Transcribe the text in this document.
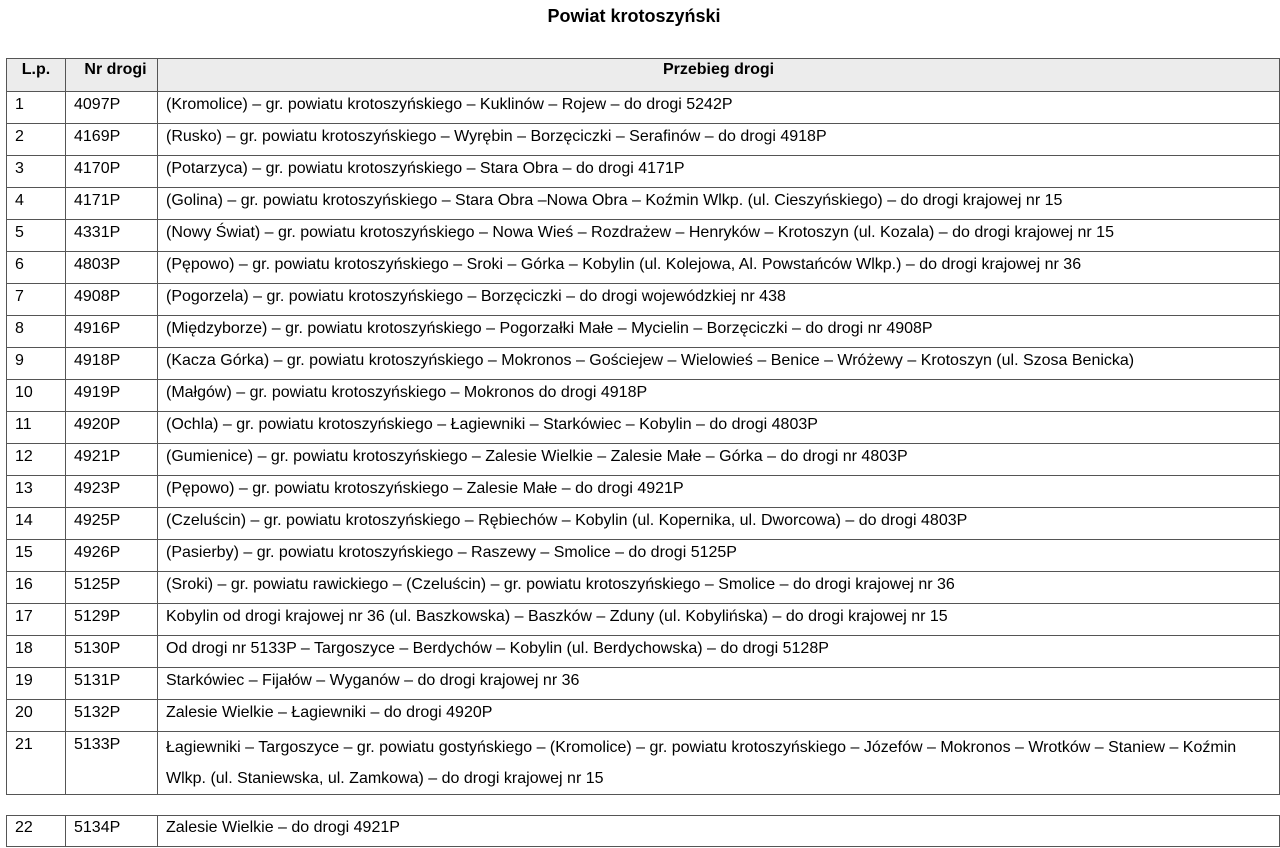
Powiat krotoszyński
L.p.	Nr drogi	Przebieg drogi
1	4097P	(Kromolice) – gr. powiatu krotoszyńskiego – Kuklinów – Rojew – do drogi 5242P
2	4169P	(Rusko) – gr. powiatu krotoszyńskiego – Wyrębin – Borzęciczki – Serafinów – do drogi 4918P
3	4170P	(Potarzyca) – gr. powiatu krotoszyńskiego – Stara Obra – do drogi 4171P
4	4171P	(Golina) – gr. powiatu krotoszyńskiego – Stara Obra –Nowa Obra – Koźmin Wlkp. (ul. Cieszyńskiego) – do drogi krajowej nr 15
5	4331P	(Nowy Świat) – gr. powiatu krotoszyńskiego – Nowa Wieś – Rozdrażew – Henryków – Krotoszyn (ul. Kozala) – do drogi krajowej nr 15
6	4803P	(Pępowo) – gr. powiatu krotoszyńskiego – Sroki – Górka – Kobylin (ul. Kolejowa, Al. Powstańców Wlkp.) – do drogi krajowej nr 36
7	4908P	(Pogorzela) – gr. powiatu krotoszyńskiego – Borzęciczki – do drogi wojewódzkiej nr 438
8	4916P	(Międzyborze) – gr. powiatu krotoszyńskiego – Pogorzałki Małe – Mycielin – Borzęciczki – do drogi nr 4908P
9	4918P	(Kacza Górka) – gr. powiatu krotoszyńskiego – Mokronos – Gościejew – Wielowieś – Benice – Wróżewy – Krotoszyn (ul. Szosa Benicka)
10	4919P	(Małgów) – gr. powiatu krotoszyńskiego – Mokronos do drogi 4918P
11	4920P	(Ochla) – gr. powiatu krotoszyńskiego – Łagiewniki – Starkówiec – Kobylin – do drogi 4803P
12	4921P	(Gumienice) – gr. powiatu krotoszyńskiego – Zalesie Wielkie – Zalesie Małe – Górka – do drogi nr 4803P
13	4923P	(Pępowo) – gr. powiatu krotoszyńskiego – Zalesie Małe – do drogi 4921P
14	4925P	(Czeluścin) – gr. powiatu krotoszyńskiego – Rębiechów – Kobylin (ul. Kopernika, ul. Dworcowa) – do drogi 4803P
15	4926P	(Pasierby) – gr. powiatu krotoszyńskiego – Raszewy – Smolice – do drogi 5125P
16	5125P	(Sroki) – gr. powiatu rawickiego – (Czeluścin) – gr. powiatu krotoszyńskiego – Smolice – do drogi krajowej nr 36
17	5129P	Kobylin od drogi krajowej nr 36 (ul. Baszkowska) – Baszków – Zduny (ul. Kobylińska) – do drogi krajowej nr 15
18	5130P	Od drogi nr 5133P – Targoszyce – Berdychów – Kobylin (ul. Berdychowska) – do drogi 5128P
19	5131P	Starkówiec – Fijałów – Wyganów – do drogi krajowej nr 36
20	5132P	Zalesie Wielkie – Łagiewniki – do drogi 4920P
21	5133P	Łagiewniki – Targoszyce – gr. powiatu gostyńskiego – (Kromolice) – gr. powiatu krotoszyńskiego – Józefów – Mokronos – Wrotków – Staniew – Koźmin Wlkp. (ul. Staniewska, ul. Zamkowa) – do drogi krajowej nr 15
22	5134P	Zalesie Wielkie – do drogi 4921P
